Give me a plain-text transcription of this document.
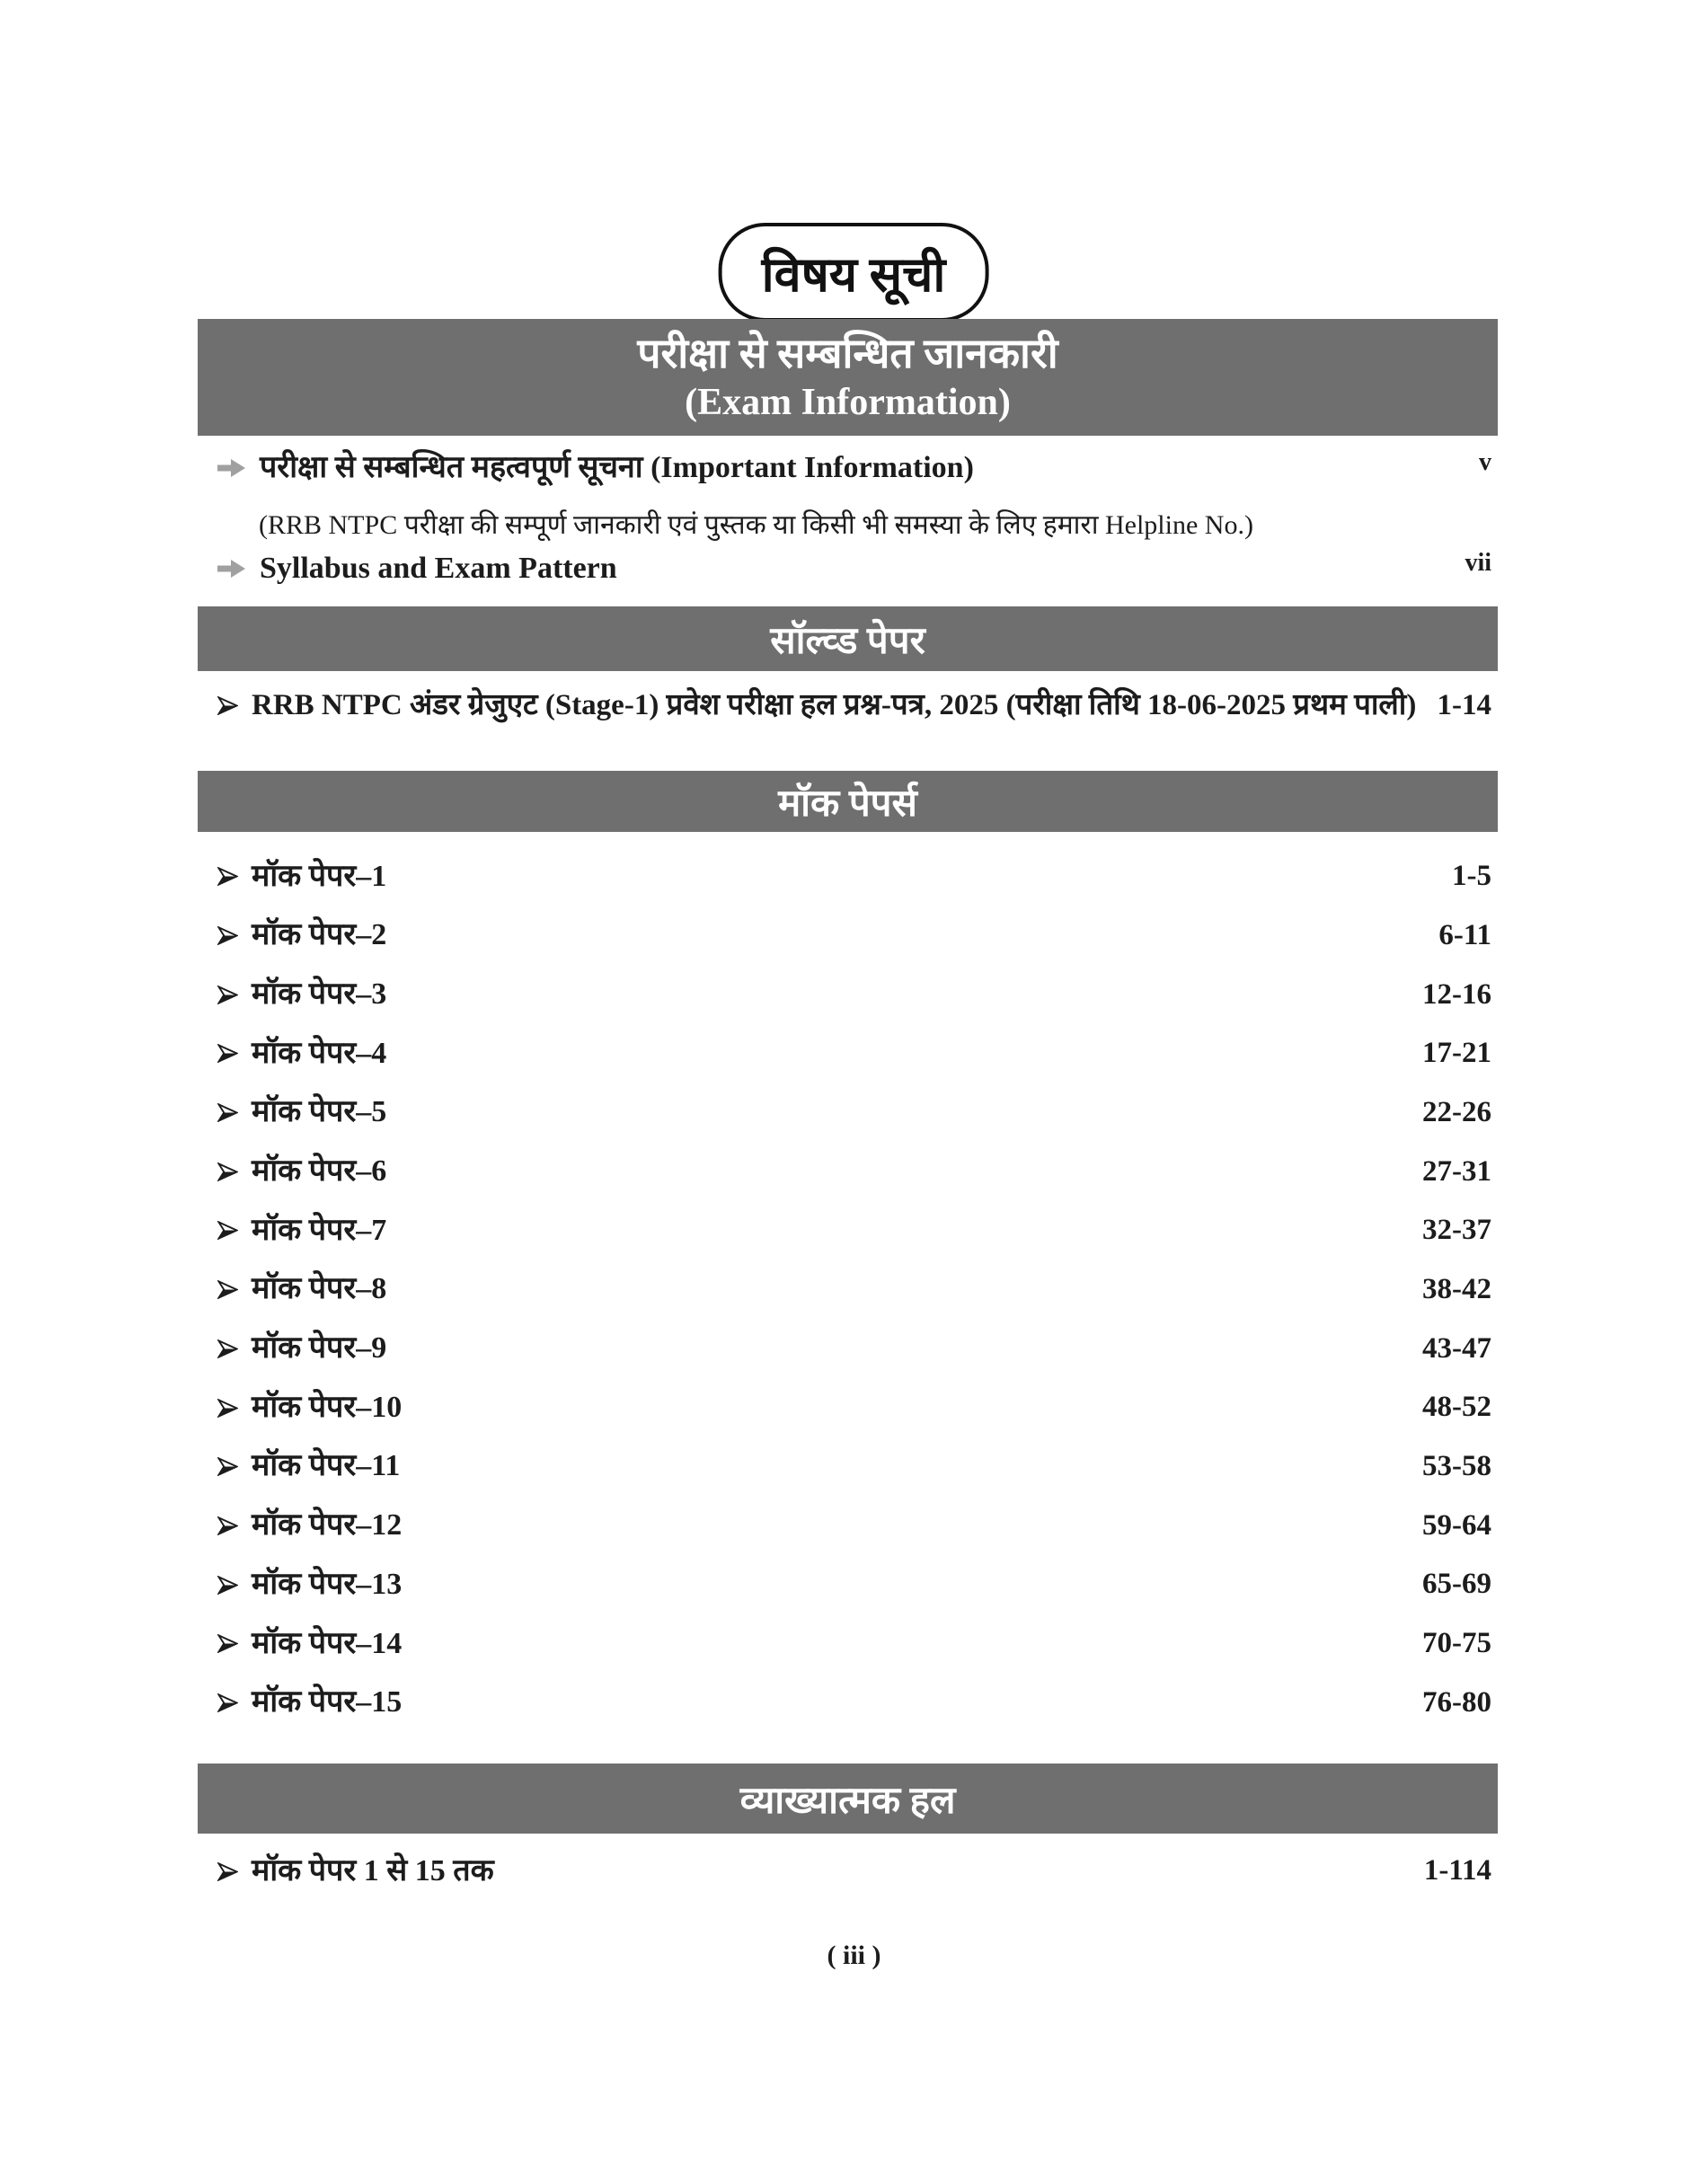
विषय सूची
परीक्षा से सम्बन्धित जानकारी
(Exam Information)
परीक्षा से सम्बन्धित महत्वपूर्ण सूचना (Important Information)	v
(RRB NTPC परीक्षा की सम्पूर्ण जानकारी एवं पुस्तक या किसी भी समस्या के लिए हमारा Helpline No.)
Syllabus and Exam Pattern	vii
सॉल्व्ड पेपर
RRB NTPC अंडर ग्रेजुएट (Stage-1) प्रवेश परीक्षा हल प्रश्न-पत्र, 2025 (परीक्षा तिथि 18-06-2025 प्रथम पाली) 1-14
मॉक पेपर्स
मॉक पेपर–1	1-5
मॉक पेपर–2	6-11
मॉक पेपर–3	12-16
मॉक पेपर–4	17-21
मॉक पेपर–5	22-26
मॉक पेपर–6	27-31
मॉक पेपर–7	32-37
मॉक पेपर–8	38-42
मॉक पेपर–9	43-47
मॉक पेपर–10	48-52
मॉक पेपर–11	53-58
मॉक पेपर–12	59-64
मॉक पेपर–13	65-69
मॉक पेपर–14	70-75
मॉक पेपर–15	76-80
व्याख्यात्मक हल
मॉक पेपर 1 से 15 तक	1-114
( iii )
